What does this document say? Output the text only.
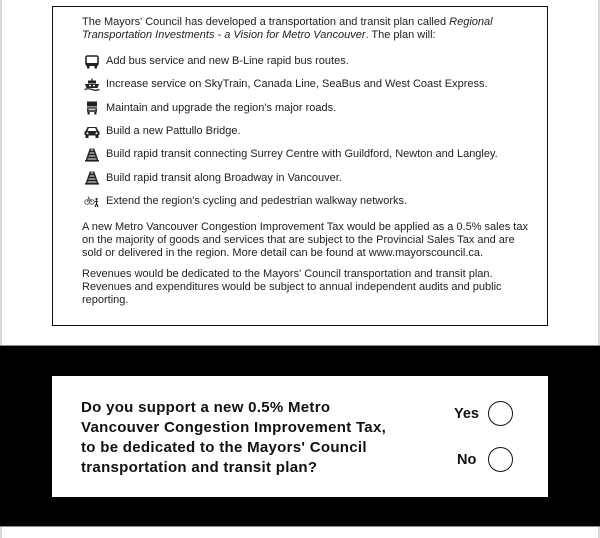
The Mayors' Council has developed a transportation and transit plan called Regional Transportation Investments - a Vision for Metro Vancouver. The plan will:

Add bus service and new B-Line rapid bus routes.
Increase service on SkyTrain, Canada Line, SeaBus and West Coast Express.
Maintain and upgrade the region's major roads.
Build a new Pattullo Bridge.
Build rapid transit connecting Surrey Centre with Guildford, Newton and Langley.
Build rapid transit along Broadway in Vancouver.
Extend the region's cycling and pedestrian walkway networks.

A new Metro Vancouver Congestion Improvement Tax would be applied as a 0.5% sales tax on the majority of goods and services that are subject to the Provincial Sales Tax and are sold or delivered in the region. More detail can be found at www.mayorscouncil.ca.

Revenues would be dedicated to the Mayors' Council transportation and transit plan. Revenues and expenditures would be subject to annual independent audits and public reporting.

Do you support a new 0.5% Metro Vancouver Congestion Improvement Tax, to be dedicated to the Mayors' Council transportation and transit plan?

Yes
No
